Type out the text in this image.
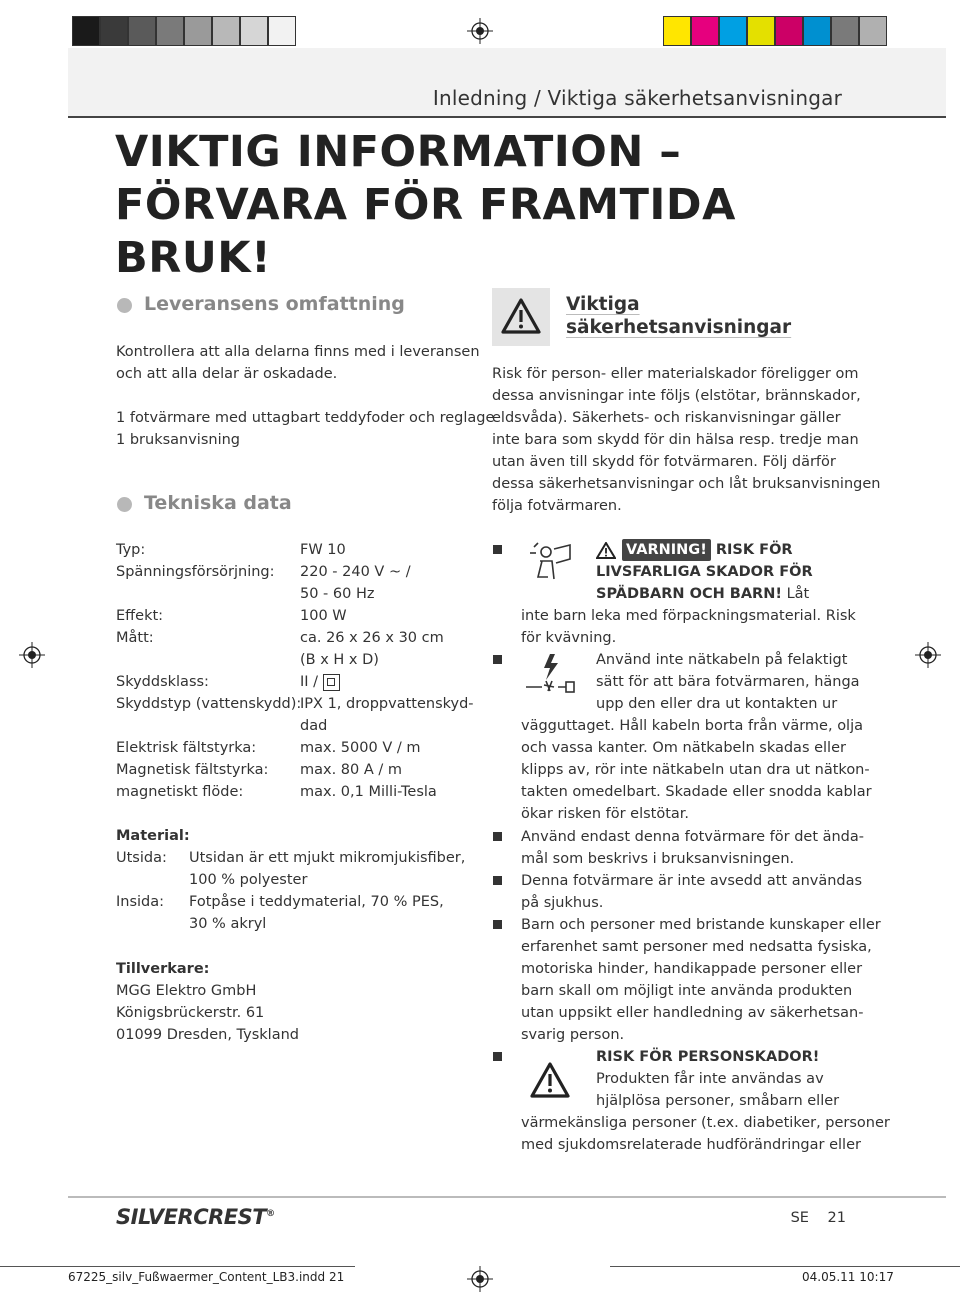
Inledning / Viktiga säkerhetsanvisningar
VIKTIG INFORMATION –
FÖRVARA FÖR FRAMTIDA
BRUK!
Leveransens omfattning
Kontrollera att alla delarna finns med i leveransen
och att alla delar är oskadade.
1 fotvärmare med uttagbart teddyfoder och reglage
1 bruksanvisning
Tekniska data
Typ:	FW 10
Spänningsförsörjning: 220 - 240 V ~ /
50 - 60 Hz
Effekt:	100 W
Mått:	ca. 26 x 26 x 30 cm
(B x H x D)
Skyddsklass:	II /
Skyddstyp (vattenskydd):
IPX 1, droppvattenskyd-
dad
Elektrisk fältstyrka:	max. 5000 V / m
Magnetisk fältstyrka: max. 80 A / m
magnetiskt flöde:	max. 0,1 Milli-Tesla
Material:
Utsida: Utsidan är ett mjukt mikromjukisfiber,
100 % polyester
Insida: Fotpåse i teddymaterial, 70 % PES,
30 % akryl
Tillverkare:
MGG Elektro GmbH
Königsbrückerstr. 61
01099 Dresden, Tyskland
Viktiga
säkerhetsanvisningar
Risk för person- eller materialskador föreligger om
dessa anvisningar inte följs (elstötar, brännskador,
eldsvåda). Säkerhets- och riskanvisningar gäller
inte bara som skydd för din hälsa resp. tredje man
utan även till skydd för fotvärmaren. Följ därför
dessa säkerhetsanvisningar och låt bruksanvisningen
följa fotvärmaren.
VARNING! RISK FÖR
LIVSFARLIGA SKADOR FÖR
SPÄDBARN OCH BARN! Låt
inte barn leka med förpackningsmaterial. Risk
för kvävning.
Använd inte nätkabeln på felaktigt
sätt för att bära fotvärmaren, hänga
upp den eller dra ut kontakten ur
vägguttaget. Håll kabeln borta från värme, olja
och vassa kanter. Om nätkabeln skadas eller
klipps av, rör inte nätkabeln utan dra ut nätkon-
takten omedelbart. Skadade eller snodda kablar
ökar risken för elstötar.
Använd endast denna fotvärmare för det ända-
mål som beskrivs i bruksanvisningen.
Denna fotvärmare är inte avsedd att användas
på sjukhus.
Barn och personer med bristande kunskaper eller
erfarenhet samt personer med nedsatta fysiska,
motoriska hinder, handikappade personer eller
barn skall om möjligt inte använda produkten
utan uppsikt eller handledning av säkerhetsan-
svarig person.
RISK FÖR PERSONSKADOR!
Produkten får inte användas av
hjälplösa personer, småbarn eller
värmekänsliga personer (t.ex. diabetiker, personer
med sjukdomsrelaterade hudförändringar eller
SILVERCREST®	SE 21
67225_silv_Fußwaermer_Content_LB3.indd 21	04.05.11 10:17
